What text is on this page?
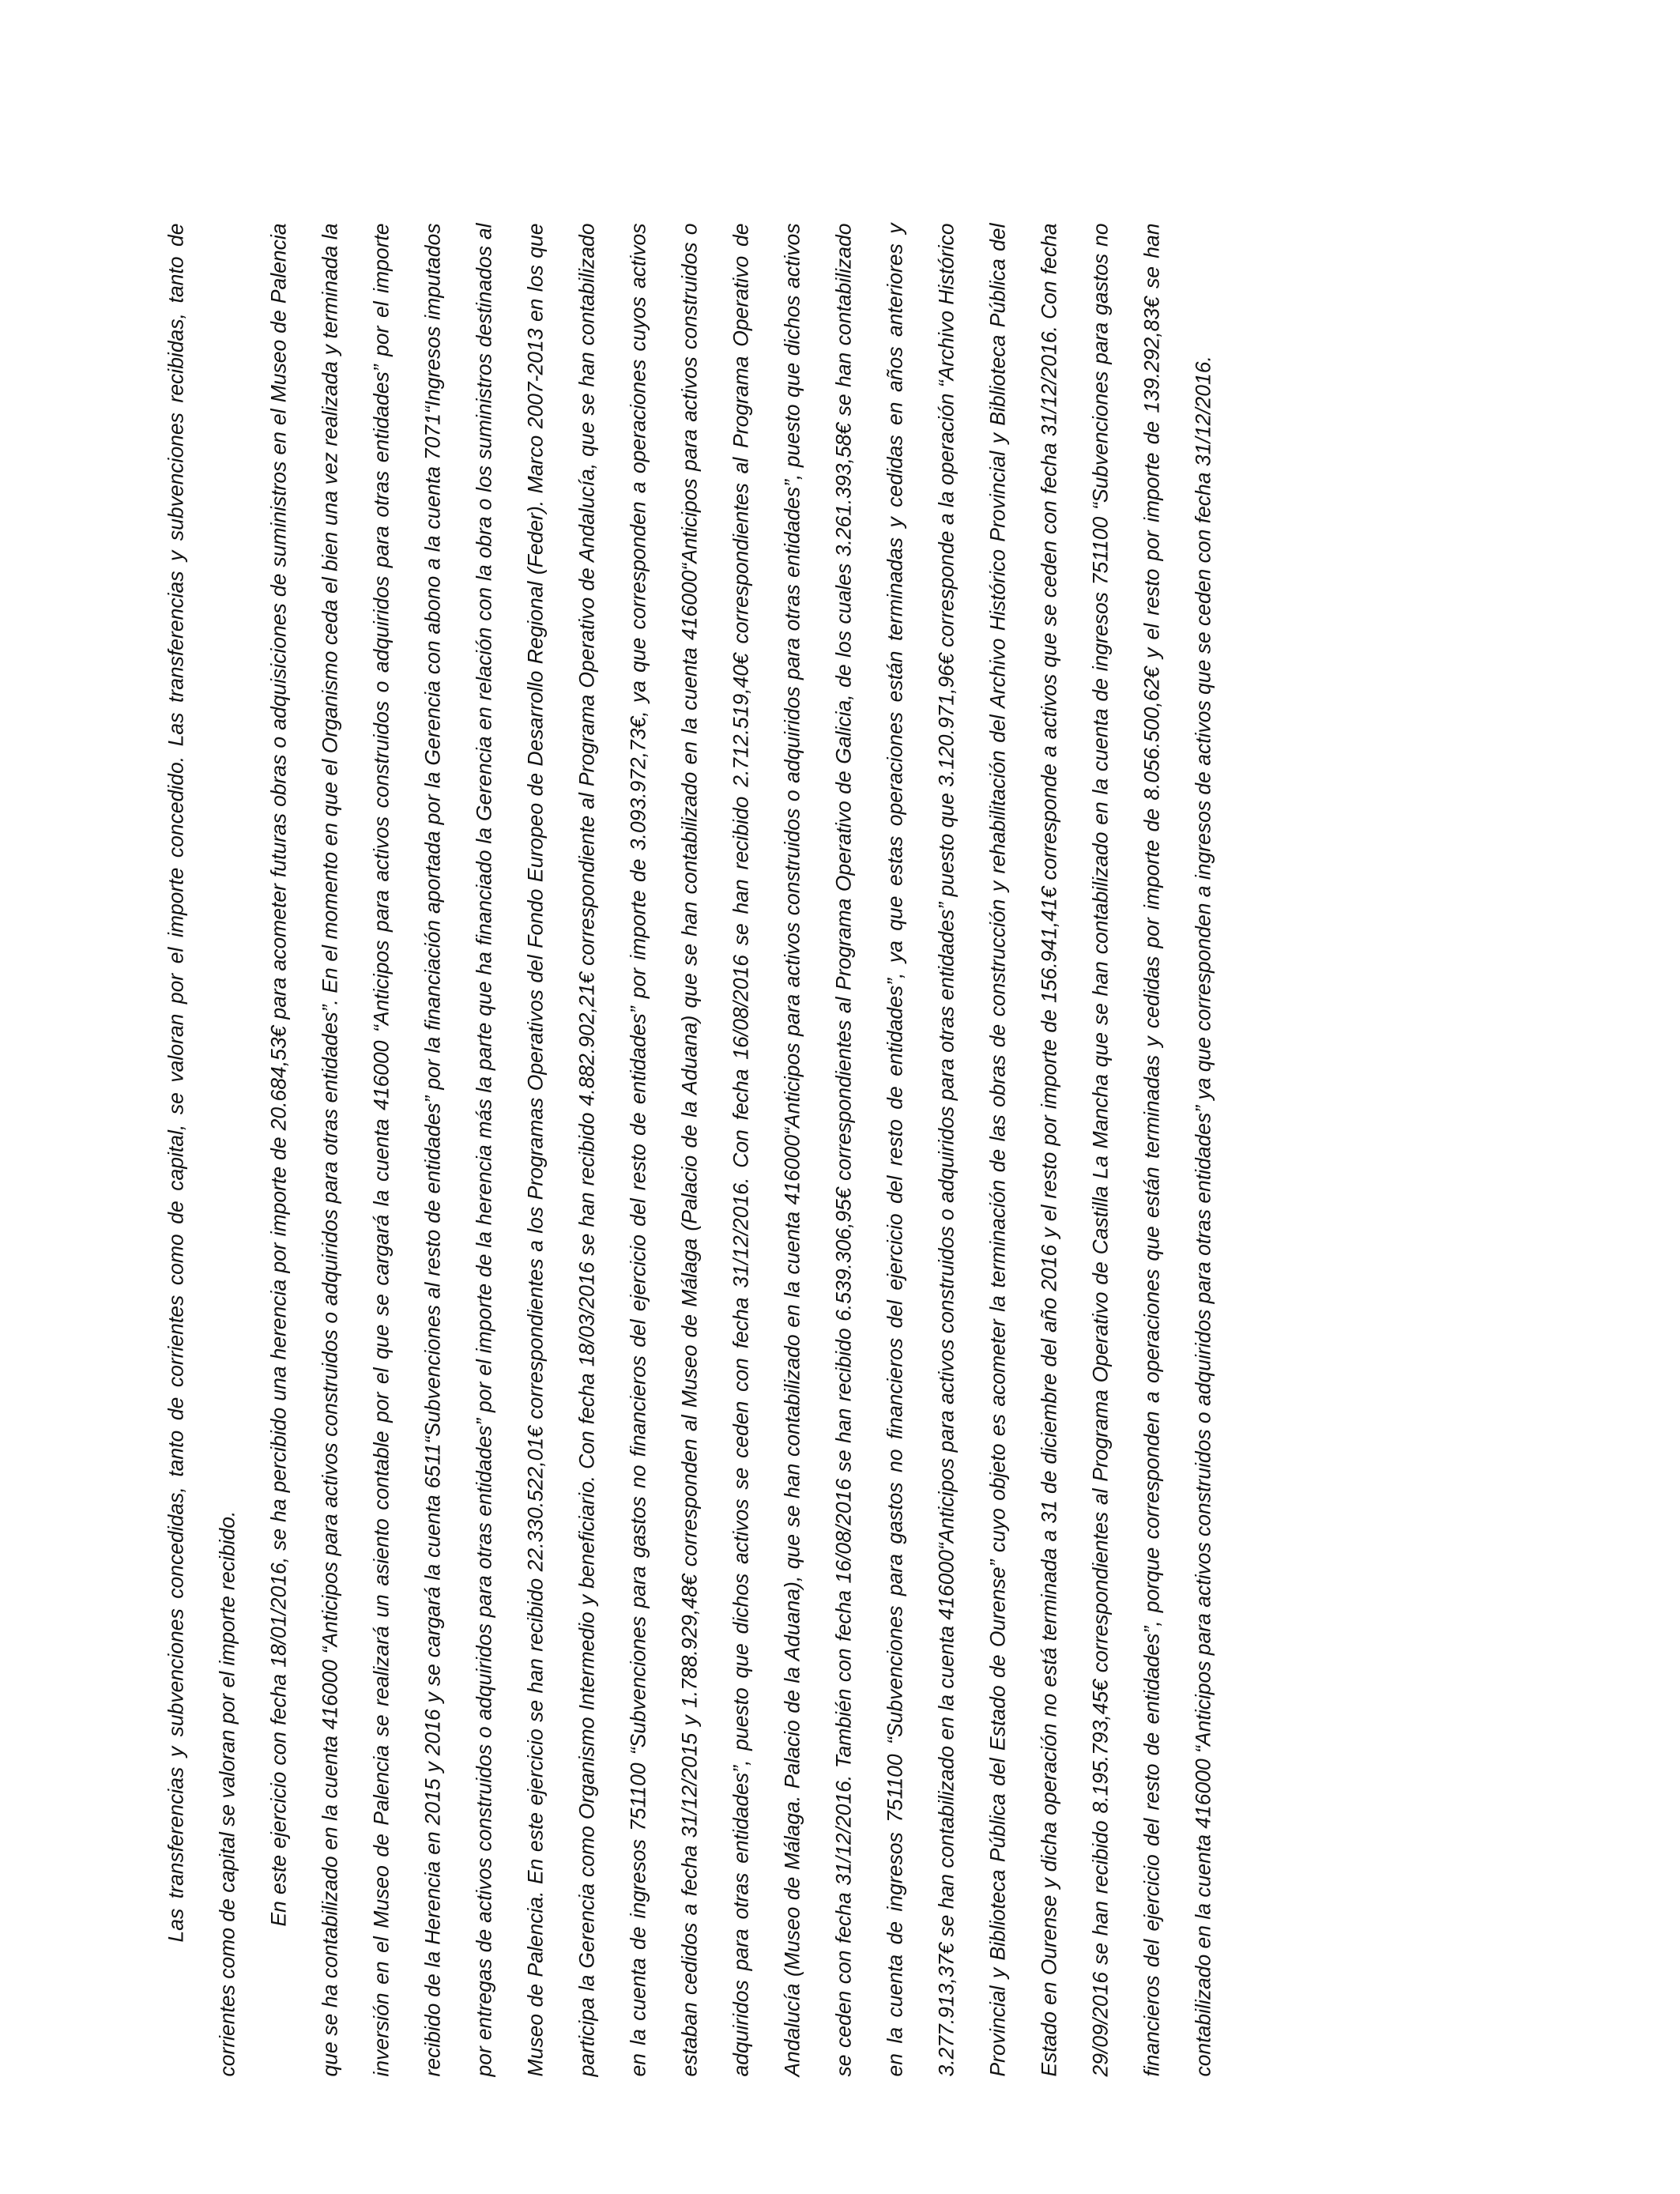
Las transferencias y subvenciones concedidas, tanto de corrientes como de capital, se valoran por el importe concedido. Las transferencias y subvenciones recibidas, tanto de corrientes como de capital se valoran por el importe recibido.	En este ejercicio con fecha 18/01/2016, se ha percibido una herencia por importe de 20.684,53€ para acometer futuras obras o adquisiciones de suministros en el Museo de Palencia que se ha contabilizado en la cuenta 416000 “Anticipos para activos construidos o adquiridos para otras entidades”. En el momento en que el Organismo ceda el bien una vez realizada y terminada la inversión en el Museo de Palencia se realizará un asiento contable por el que se cargará la cuenta 416000 “Anticipos para activos construidos o adquiridos para otras entidades” por el importe recibido de la Herencia en 2015 y 2016 y se cargará la cuenta 6511“Subvenciones al resto de entidades” por la financiación aportada por la Gerencia con abono a la cuenta 7071“Ingresos imputados por entregas de activos construidos o adquiridos para otras entidades” por el importe de la herencia más la parte que ha financiado la Gerencia en relación con la obra o los suministros destinados al Museo de Palencia. En este ejercicio se han recibido 22.330.522,01€ correspondientes a los Programas Operativos del Fondo Europeo de Desarrollo Regional (Feder). Marco 2007-2013 en los que participa la Gerencia como Organismo Intermedio y beneficiario. Con fecha 18/03/2016 se han recibido 4.882.902,21€ correspondiente al Programa Operativo de Andalucía, que se han contabilizado en la cuenta de ingresos 751100 “Subvenciones para gastos no financieros del ejercicio del resto de entidades” por importe de 3.093.972,73€, ya que corresponden a operaciones cuyos activos estaban cedidos a fecha 31/12/2015 y 1.788.929,48€ corresponden al Museo de Málaga (Palacio de la Aduana) que se han contabilizado en la cuenta 416000“Anticipos para activos construidos o adquiridos para otras entidades”, puesto que dichos activos se ceden con fecha 31/12/2016. Con fecha 16/08/2016 se han recibido 2.712.519,40€ correspondientes al Programa Operativo de Andalucía (Museo de Málaga. Palacio de la Aduana), que se han contabilizado en la cuenta 416000“Anticipos para activos construidos o adquiridos para otras entidades”, puesto que dichos activos se ceden con fecha 31/12/2016. También con fecha 16/08/2016 se han recibido 6.539.306,95€ correspondientes al Programa Operativo de Galicia, de los cuales 3.261.393,58€ se han contabilizado en la cuenta de ingresos 751100 “Subvenciones para gastos no financieros del ejercicio del resto de entidades”, ya que estas operaciones están terminadas y cedidas en años anteriores y 3.277.913,37€ se han contabilizado en la cuenta 416000“Anticipos para activos construidos o adquiridos para otras entidades” puesto que 3.120.971,96€ corresponde a la operación “Archivo Histórico Provincial y Biblioteca Pública del Estado de Ourense” cuyo objeto es acometer la terminación de las obras de construcción y rehabilitación del Archivo Histórico Provincial y Biblioteca Pública del Estado en Ourense y dicha operación no está terminada a 31 de diciembre del año 2016 y el resto por importe de 156.941,41€ corresponde a activos que se ceden con fecha 31/12/2016. Con fecha 29/09/2016 se han recibido 8.195.793,45€ correspondientes al Programa Operativo de Castilla La Mancha que se han contabilizado en la cuenta de ingresos 751100 “Subvenciones para gastos no financieros del ejercicio del resto de entidades”, porque corresponden a operaciones que están terminadas y cedidas por importe de 8.056.500,62€ y el resto por importe de 139.292,83€ se han contabilizado en la cuenta 416000 “Anticipos para activos construidos o adquiridos para otras entidades” ya que corresponden a ingresos de activos que se ceden con fecha 31/12/2016.
